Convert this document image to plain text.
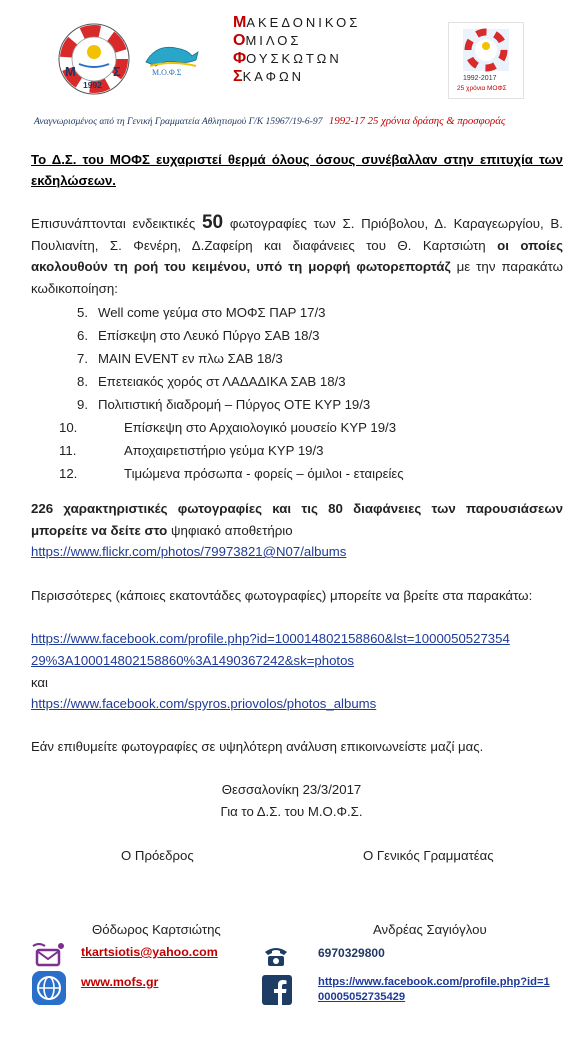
Μ	Σ
1992
Μ.Ο.Φ.Σ
ΜΑΚΕΔΟΝΙΚΟΣ
ΟΜΙΛΟΣ
ΦΟΥΣΚΩΤΩΝ
ΣΚΑΦΩΝ	1992-2017
25 χρόνια ΜΟΦΣ
Αναγνωρισμένος από τη Γενική Γραμματεία Αθλητισμού Γ/Κ 15967/19-6-97 1992-17 25 χρόνια δράσης & προσφοράς
Το Δ.Σ. του ΜΟΦΣ ευχαριστεί θερμά όλους όσους συνέβαλλαν στην επιτυχία των εκδηλώσεων.
Επισυνάπτονται ενδεικτικές 50 φωτογραφίες των Σ. Πριόβολου, Δ. Καραγεωργίου, Β. Πουλιανίτη, Σ. Φενέρη, Δ.Ζαφείρη και διαφάνειες του Θ. Καρτσιώτη οι οποίες ακολουθούν τη ροή του κειμένου, υπό τη μορφή φωτορεπορτάζ με την παρακάτω κωδικοποίηση:
5. Well come γεύμα στο ΜΟΦΣ ΠΑΡ 17/3
6. Επίσκεψη στο Λευκό Πύργο ΣΑΒ 18/3
7. MAIN EVENT εν πλω ΣΑΒ 18/3
8. Επετειακός χορός στ ΛΑΔΑΔΙΚΑ ΣΑΒ 18/3
9. Πολιτιστική διαδρομή – Πύργος ΟΤΕ ΚΥΡ 19/3
10.	Επίσκεψη στο Αρχαιολογικό μουσείο ΚΥΡ 19/3
11.	Αποχαιρετιστήριο γεύμα ΚΥΡ 19/3
12.	Τιμώμενα πρόσωπα - φορείς – όμιλοι - εταιρείες
226 χαρακτηριστικές φωτογραφίες και τις 80 διαφάνειες των παρουσιάσεων μπορείτε να δείτε στο ψηφιακό αποθετήριο
https://www.flickr.com/photos/79973821@N07/albums
Περισσότερες (κάποιες εκατοντάδες φωτογραφίες) μπορείτε να βρείτε στα παρακάτω:
https://www.facebook.com/profile.php?id=100014802158860&lst=1000050527354
29%3A100014802158860%3A1490367242&sk=photos
και
https://www.facebook.com/spyros.priovolos/photos_albums
Εάν επιθυμείτε φωτογραφίες σε υψηλότερη ανάλυση επικοινωνείστε μαζί μας.
Θεσσαλονίκη 23/3/2017
Για το Δ.Σ. του Μ.Ο.Φ.Σ.
Ο Πρόεδρος	Ο Γενικός Γραμματέας
Θόδωρος Καρτσιώτης	Ανδρέας Σαγιόγλου
tkartsiotis@yahoo.com	6970329800
www.mofs.gr	https://www.facebook.com/profile.php?id=1
00005052735429
